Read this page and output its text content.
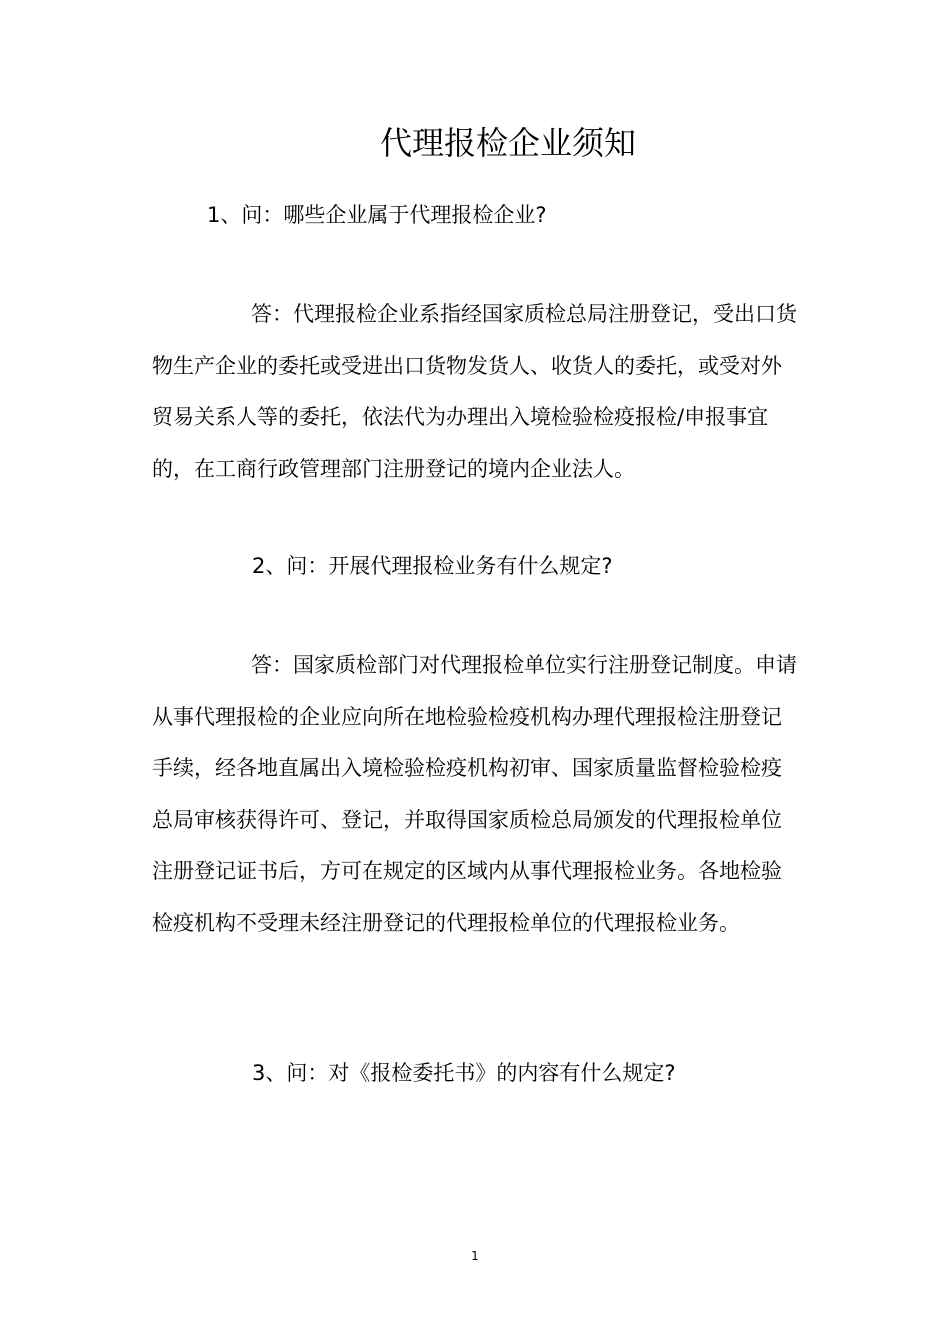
代理报检企业须知
1、问：哪些企业属于代理报检企业?

答：代理报检企业系指经国家质检总局注册登记，受出口货物生产企业的委托或受进出口货物发货人、收货人的委托，或受对外贸易关系人等的委托，依法代为办理出入境检验检疫报检/申报事宜的，在工商行政管理部门注册登记的境内企业法人。

2、问：开展代理报检业务有什么规定?

答：国家质检部门对代理报检单位实行注册登记制度。申请从事代理报检的企业应向所在地检验检疫机构办理代理报检注册登记手续，经各地直属出入境检验检疫机构初审、国家质量监督检验检疫总局审核获得许可、登记，并取得国家质检总局颁发的代理报检单位注册登记证书后，方可在规定的区域内从事代理报检业务。各地检验检疫机构不受理未经注册登记的代理报检单位的代理报检业务。

3、问：对《报检委托书》的内容有什么规定?
1
